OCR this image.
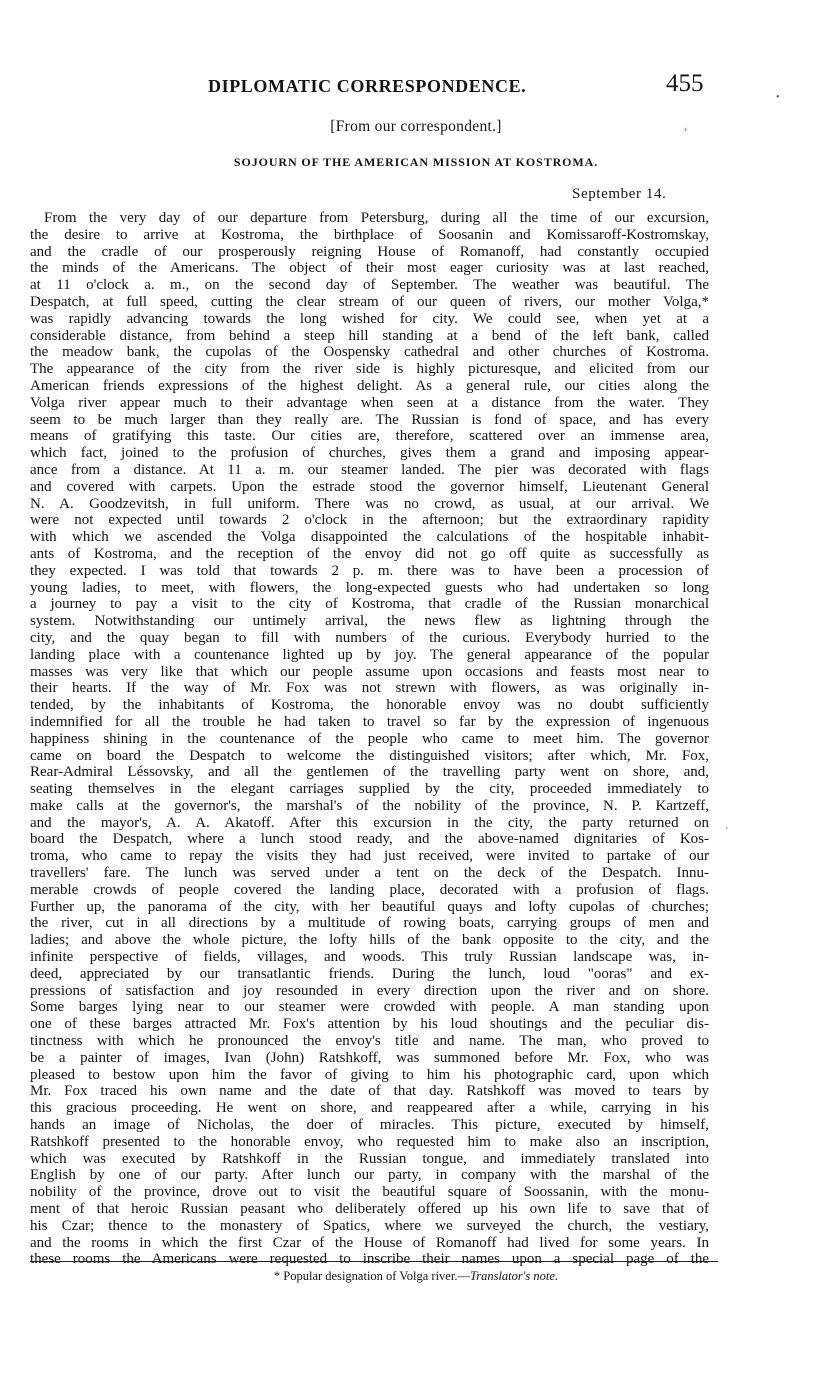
DIPLOMATIC CORRESPONDENCE.	455
•
›
'
[From our correspondent.]
SOJOURN OF THE AMERICAN MISSION AT KOSTROMA.
September 14.
From the very day of our departure from Petersburg, during all the time of our excursion,
the desire to arrive at Kostroma, the birthplace of Soosanin and Komissaroff-Kostromskay,
and the cradle of our prosperously reigning House of Romanoff, had constantly occupied
the minds of the Americans. The object of their most eager curiosity was at last reached,
at 11 o'clock a. m., on the second day of September. The weather was beautiful. The
Despatch, at full speed, cutting the clear stream of our queen of rivers, our mother Volga,*
was rapidly advancing towards the long wished for city. We could see, when yet at a
considerable distance, from behind a steep hill standing at a bend of the left bank, called
the meadow bank, the cupolas of the Oospensky cathedral and other churches of Kostroma.
The appearance of the city from the river side is highly picturesque, and elicited from our
American friends expressions of the highest delight. As a general rule, our cities along the
Volga river appear much to their advantage when seen at a distance from the water. They
seem to be much larger than they really are. The Russian is fond of space, and has every
means of gratifying this taste. Our cities are, therefore, scattered over an immense area,
which fact, joined to the profusion of churches, gives them a grand and imposing appear-
ance from a distance. At 11 a. m. our steamer landed. The pier was decorated with flags
and covered with carpets. Upon the estrade stood the governor himself, Lieutenant General
N. A. Goodzevitsh, in full uniform. There was no crowd, as usual, at our arrival. We
were not expected until towards 2 o'clock in the afternoon; but the extraordinary rapidity
with which we ascended the Volga disappointed the calculations of the hospitable inhabit-
ants of Kostroma, and the reception of the envoy did not go off quite as successfully as
they expected. I was told that towards 2 p. m. there was to have been a procession of
young ladies, to meet, with flowers, the long-expected guests who had undertaken so long
a journey to pay a visit to the city of Kostroma, that cradle of the Russian monarchical
system. Notwithstanding our untimely arrival, the news flew as lightning through the
city, and the quay began to fill with numbers of the curious. Everybody hurried to the
landing place with a countenance lighted up by joy. The general appearance of the popular
masses was very like that which our people assume upon occasions and feasts most near to
their hearts. If the way of Mr. Fox was not strewn with flowers, as was originally in-
tended, by the inhabitants of Kostroma, the honorable envoy was no doubt sufficiently
indemnified for all the trouble he had taken to travel so far by the expression of ingenuous
happiness shining in the countenance of the people who came to meet him. The governor
came on board the Despatch to welcome the distinguished visitors; after which, Mr. Fox,
Rear-Admiral Léssovsky, and all the gentlemen of the travelling party went on shore, and,
seating themselves in the elegant carriages supplied by the city, proceeded immediately to
make calls at the governor's, the marshal's of the nobility of the province, N. P. Kartzeff,
and the mayor's, A. A. Akatoff. After this excursion in the city, the party returned on
board the Despatch, where a lunch stood ready, and the above-named dignitaries of Kos-
troma, who came to repay the visits they had just received, were invited to partake of our
travellers' fare. The lunch was served under a tent on the deck of the Despatch. Innu-
merable crowds of people covered the landing place, decorated with a profusion of flags.
Further up, the panorama of the city, with her beautiful quays and lofty cupolas of churches;
the river, cut in all directions by a multitude of rowing boats, carrying groups of men and
ladies; and above the whole picture, the lofty hills of the bank opposite to the city, and the
infinite perspective of fields, villages, and woods. This truly Russian landscape was, in-
deed, appreciated by our transatlantic friends. During the lunch, loud "ooras" and ex-
pressions of satisfaction and joy resounded in every direction upon the river and on shore.
Some barges lying near to our steamer were crowded with people. A man standing upon
one of these barges attracted Mr. Fox's attention by his loud shoutings and the peculiar dis-
tinctness with which he pronounced the envoy's title and name. The man, who proved to
be a painter of images, Ivan (John) Ratshkoff, was summoned before Mr. Fox, who was
pleased to bestow upon him the favor of giving to him his photographic card, upon which
Mr. Fox traced his own name and the date of that day. Ratshkoff was moved to tears by
this gracious proceeding. He went on shore, and reappeared after a while, carrying in his
hands an image of Nicholas, the doer of miracles. This picture, executed by himself,
Ratshkoff presented to the honorable envoy, who requested him to make also an inscription,
which was executed by Ratshkoff in the Russian tongue, and immediately translated into
English by one of our party. After lunch our party, in company with the marshal of the
nobility of the province, drove out to visit the beautiful square of Soossanin, with the monu-
ment of that heroic Russian peasant who deliberately offered up his own life to save that of
his Czar; thence to the monastery of Spatics, where we surveyed the church, the vestiary,
and the rooms in which the first Czar of the House of Romanoff had lived for some years. In
these rooms the Americans were requested to inscribe their names upon a special page of the
* Popular designation of Volga river.—Translator's note.
